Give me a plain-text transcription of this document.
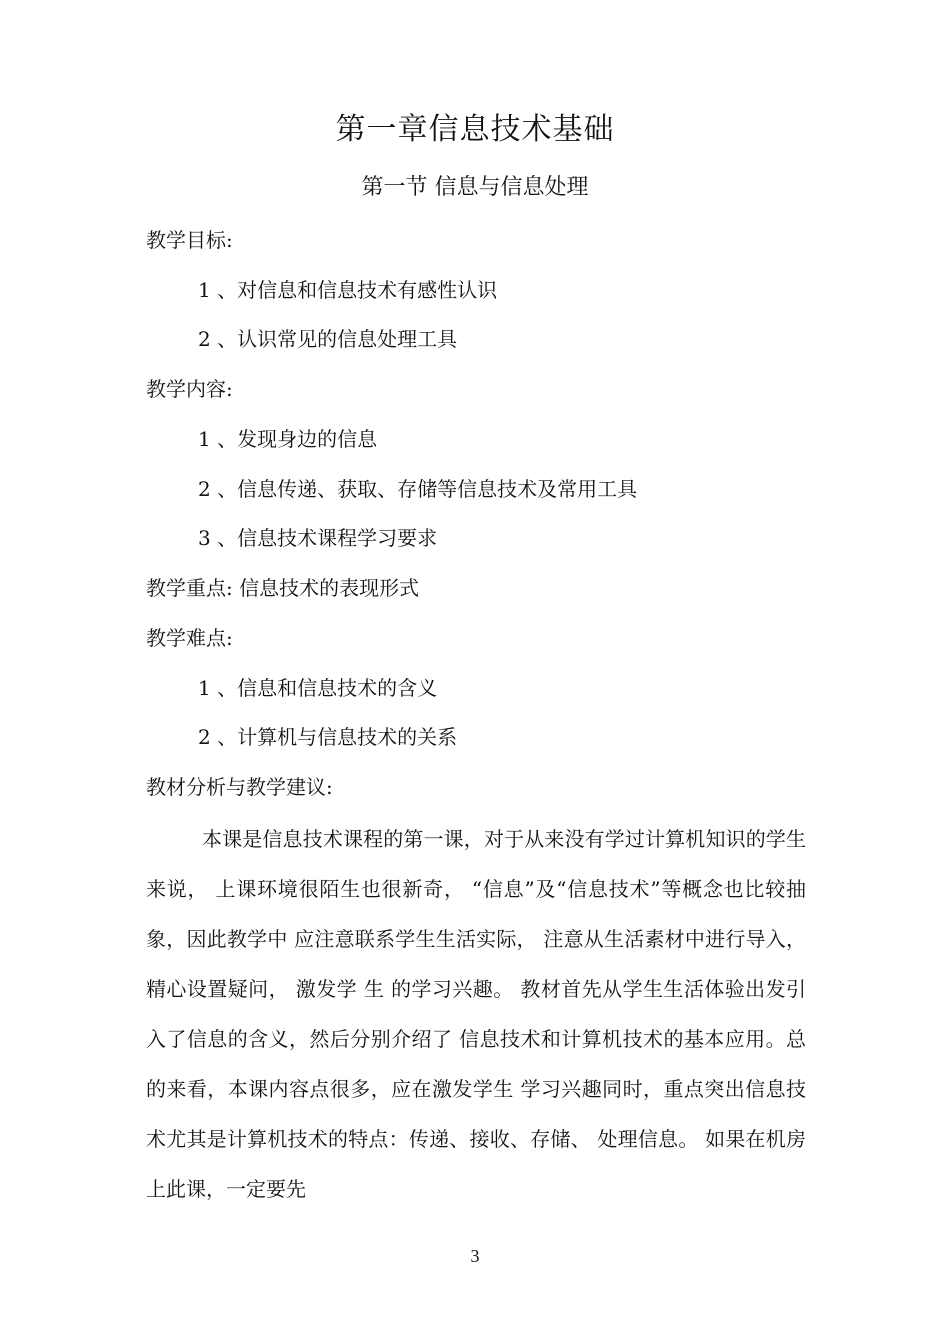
第一章信息技术基础
第一节 信息与信息处理
教学目标:
1 、对信息和信息技术有感性认识
2 、认识常见的信息处理工具
教学内容:
1 、发现身边的信息
2 、信息传递、获取、存储等信息技术及常用工具
3 、信息技术课程学习要求
教学重点: 信息技术的表现形式
教学难点:
1 、信息和信息技术的含义
2 、计算机与信息技术的关系
教材分析与教学建议:
本课是信息技术课程的第一课，对于从来没有学过计算机知识的学生来说， 上课环境很陌生也很新奇， “信息”及“信息技术”等概念也比较抽象，因此教学中 应注意联系学生生活实际， 注意从生活素材中进行导入， 精心设置疑问， 激发学 生 的学习兴趣。 教材首先从学生生活体验出发引入了信息的含义，然后分别介绍了 信息技术和计算机技术的基本应用。总的来看，本课内容点很多，应在激发学生 学习兴趣同时，重点突出信息技术尤其是计算机技术的特点：传递、接收、存储、 处理信息。 如果在机房上此课，一定要先
3
